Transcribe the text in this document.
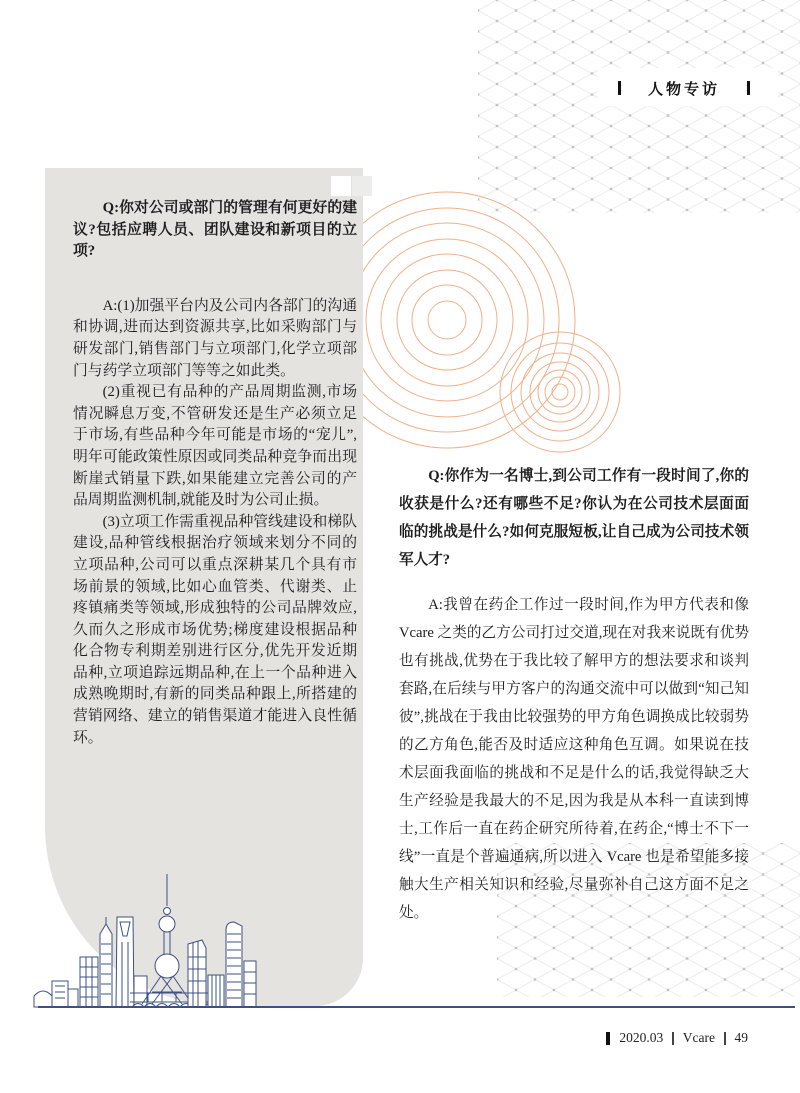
人物专访

Q:你对公司或部门的管理有何更好的建议?包括应聘人员、团队建设和新项目的立项?

A:(1)加强平台内及公司内各部门的沟通和协调,进而达到资源共享,比如采购部门与研发部门,销售部门与立项部门,化学立项部门与药学立项部门等等之如此类。

(2)重视已有品种的产品周期监测,市场情况瞬息万变,不管研发还是生产必须立足于市场,有些品种今年可能是市场的“宠儿”,明年可能政策性原因或同类品种竞争而出现断崖式销量下跌,如果能建立完善公司的产品周期监测机制,就能及时为公司止损。

(3)立项工作需重视品种管线建设和梯队建设,品种管线根据治疗领域来划分不同的立项品种,公司可以重点深耕某几个具有市场前景的领域,比如心血管类、代谢类、止疼镇痛类等领域,形成独特的公司品牌效应,久而久之形成市场优势;梯度建设根据品种化合物专利期差别进行区分,优先开发近期品种,立项追踪远期品种,在上一个品种进入成熟晚期时,有新的同类品种跟上,所搭建的营销网络、建立的销售渠道才能进入良性循环。

Q:你作为一名博士,到公司工作有一段时间了,你的收获是什么?还有哪些不足?你认为在公司技术层面面临的挑战是什么?如何克服短板,让自己成为公司技术领军人才?

A:我曾在药企工作过一段时间,作为甲方代表和像 Vcare 之类的乙方公司打过交道,现在对我来说既有优势也有挑战,优势在于我比较了解甲方的想法要求和谈判套路,在后续与甲方客户的沟通交流中可以做到“知己知彼”,挑战在于我由比较强势的甲方角色调换成比较弱势的乙方角色,能否及时适应这种角色互调。如果说在技术层面我面临的挑战和不足是什么的话,我觉得缺乏大生产经验是我最大的不足,因为我是从本科一直读到博士,工作后一直在药企研究所待着,在药企,“博士不下一线”一直是个普遍通病,所以进入 Vcare 也是希望能多接触大生产相关知识和经验,尽量弥补自己这方面不足之处。

2020.03 Vcare 49
